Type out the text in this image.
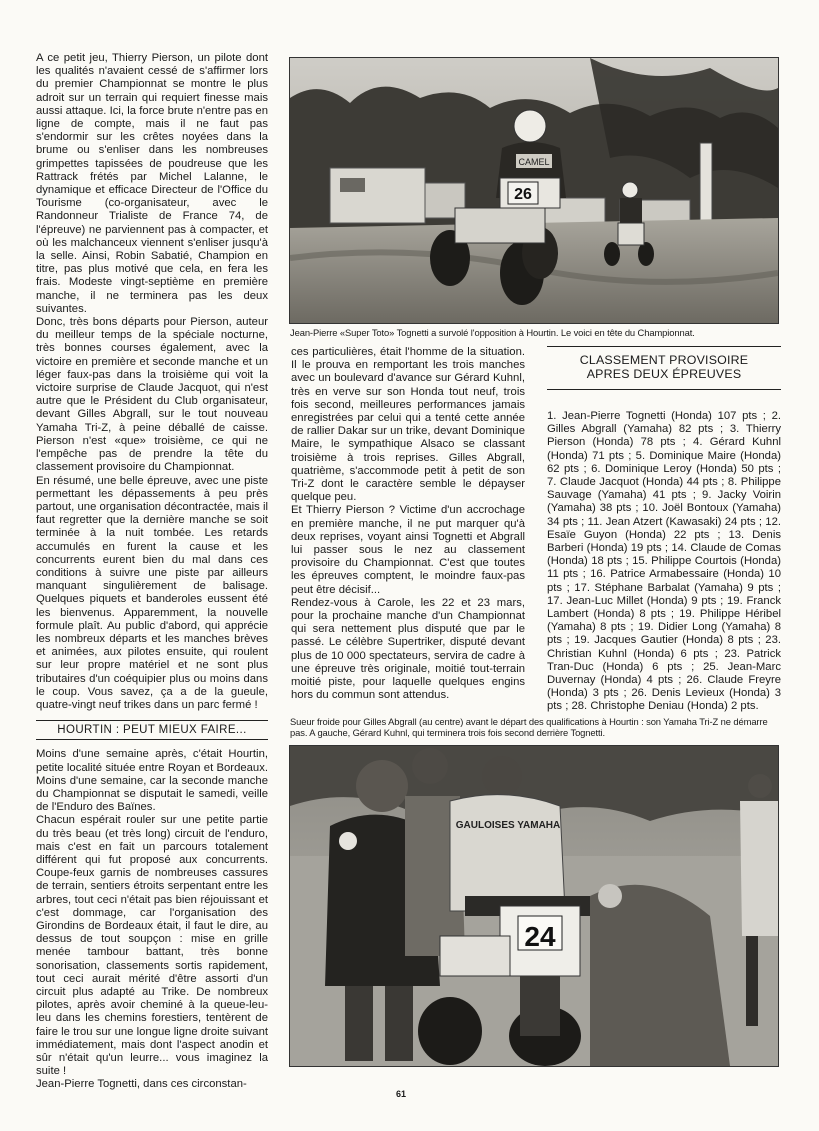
A ce petit jeu, Thierry Pierson, un pilote dont les qualités n'avaient cessé de s'affirmer lors du premier Championnat se montre le plus adroit sur un terrain qui requiert finesse mais aussi attaque. Ici, la force brute n'entre pas en ligne de compte, mais il ne faut pas s'endormir sur les crêtes noyées dans la brume ou s'enliser dans les nombreuses grimpettes tapissées de poudreuse que les Rattrack frétés par Michel Lalanne, le dynamique et efficace Directeur de l'Office du Tourisme (co-organisateur, avec le Randonneur Trialiste de France 74, de l'épreuve) ne parviennent pas à compacter, et où les malchanceux viennent s'enliser jusqu'à la selle. Ainsi, Robin Sabatié, Champion en titre, pas plus motivé que cela, en fera les frais. Modeste vingt-septième en première manche, il ne terminera pas les deux suivantes.

Donc, très bons départs pour Pierson, auteur du meilleur temps de la spéciale nocturne, très bonnes courses également, avec la victoire en première et seconde manche et un léger faux-pas dans la troisième qui voit la victoire surprise de Claude Jacquot, qui n'est autre que le Président du Club organisateur, devant Gilles Abgrall, sur le tout nouveau Yamaha Tri-Z, à peine déballé de caisse. Pierson n'est «que» troisième, ce qui ne l'empêche pas de prendre la tête du classement provisoire du Championnat.

En résumé, une belle épreuve, avec une piste permettant les dépassements à peu près partout, une organisation décontractée, mais il faut regretter que la dernière manche se soit terminée à la nuit tombée. Les retards accumulés en furent la cause et les concurrents eurent bien du mal dans ces conditions à suivre une piste par ailleurs manquant singulièrement de balisage. Quelques piquets et banderoles eussent été les bienvenus. Apparemment, la nouvelle formule plaît. Au public d'abord, qui apprécie les nombreux départs et les manches brèves et animées, aux pilotes ensuite, qui roulent sur leur propre matériel et ne sont plus tributaires d'un coéquipier plus ou moins dans le coup. Vous savez, ça a de la gueule, quatre-vingt neuf trikes dans un parc fermé !

HOURTIN : PEUT MIEUX FAIRE...

Moins d'une semaine après, c'était Hourtin, petite localité située entre Royan et Bordeaux. Moins d'une semaine, car la seconde manche du Championnat se disputait le samedi, veille de l'Enduro des Baïnes.

Chacun espérait rouler sur une petite partie du très beau (et très long) circuit de l'enduro, mais c'est en fait un parcours totalement différent qui fut proposé aux concurrents. Coupe-feux garnis de nombreuses cassures de terrain, sentiers étroits serpentant entre les arbres, tout ceci n'était pas bien réjouissant et c'est dommage, car l'organisation des Girondins de Bordeaux était, il faut le dire, au dessus de tout soupçon : mise en grille menée tambour battant, très bonne sonorisation, classements sortis rapidement, tout ceci aurait mérité d'être assorti d'un circuit plus adapté au Trike. De nombreux pilotes, après avoir cheminé à la queue-leu-leu dans les chemins forestiers, tentèrent de faire le trou sur une longue ligne droite suivant immédiatement, mais dont l'aspect anodin et sûr n'était qu'un leurre... vous imaginez la suite !

Jean-Pierre Tognetti, dans ces circonstan-

CAMEL
26
Jean-Pierre «Super Toto» Tognetti a survolé l'opposition à Hourtin. Le voici en tête du Championnat.

ces particulières, était l'homme de la situation. Il le prouva en remportant les trois manches avec un boulevard d'avance sur Gérard Kuhnl, très en verve sur son Honda tout neuf, trois fois second, meilleures performances jamais enregistrées par celui qui a tenté cette année de rallier Dakar sur un trike, devant Dominique Maire, le sympathique Alsaco se classant troisième à trois reprises. Gilles Abgrall, quatrième, s'accommode petit à petit de son Tri-Z dont le caractère semble le dépayser quelque peu.

Et Thierry Pierson ? Victime d'un accrochage en première manche, il ne put marquer qu'à deux reprises, voyant ainsi Tognetti et Abgrall lui passer sous le nez au classement provisoire du Championnat. C'est que toutes les épreuves comptent, le moindre faux-pas peut être décisif...

Rendez-vous à Carole, les 22 et 23 mars, pour la prochaine manche d'un Championnat qui sera nettement plus disputé que par le passé. Le célèbre Supertriker, disputé devant plus de 10 000 spectateurs, servira de cadre à une épreuve très originale, moitié tout-terrain moitié piste, pour laquelle quelques engins hors du commun sont attendus.

CLASSEMENT PROVISOIRE
APRES DEUX ÉPREUVES
1. Jean-Pierre Tognetti (Honda) 107 pts ; 2. Gilles Abgrall (Yamaha) 82 pts ; 3. Thierry Pierson (Honda) 78 pts ; 4. Gérard Kuhnl (Honda) 71 pts ; 5. Dominique Maire (Honda) 62 pts ; 6. Dominique Leroy (Honda) 50 pts ; 7. Claude Jacquot (Honda) 44 pts ; 8. Philippe Sauvage (Yamaha) 41 pts ; 9. Jacky Voirin (Yamaha) 38 pts ; 10. Joël Bontoux (Yamaha) 34 pts ; 11. Jean Atzert (Kawasaki) 24 pts ; 12. Esaïe Guyon (Honda) 22 pts ; 13. Denis Barberi (Honda) 19 pts ; 14. Claude de Comas (Honda) 18 pts ; 15. Philippe Courtois (Honda) 11 pts ; 16. Patrice Armabessaire (Honda) 10 pts ; 17. Stéphane Barbalat (Yamaha) 9 pts ; 17. Jean-Luc Millet (Honda) 9 pts ; 19. Franck Lambert (Honda) 8 pts ; 19. Philippe Héribel (Yamaha) 8 pts ; 19. Didier Long (Yamaha) 8 pts ; 19. Jacques Gautier (Honda) 8 pts ; 23. Christian Kuhnl (Honda) 6 pts ; 23. Patrick Tran-Duc (Honda) 6 pts ; 25. Jean-Marc Duvernay (Honda) 4 pts ; 26. Claude Freyre (Honda) 3 pts ; 26. Denis Levieux (Honda) 3 pts ; 28. Christophe Deniau (Honda) 2 pts.
Sueur froide pour Gilles Abgrall (au centre) avant le départ des qualifications à Hourtin : son Yamaha Tri-Z ne démarre pas. A gauche, Gérard Kuhnl, qui terminera trois fois second derrière Tognetti.
GAULOISES YAMAHA
24
61
